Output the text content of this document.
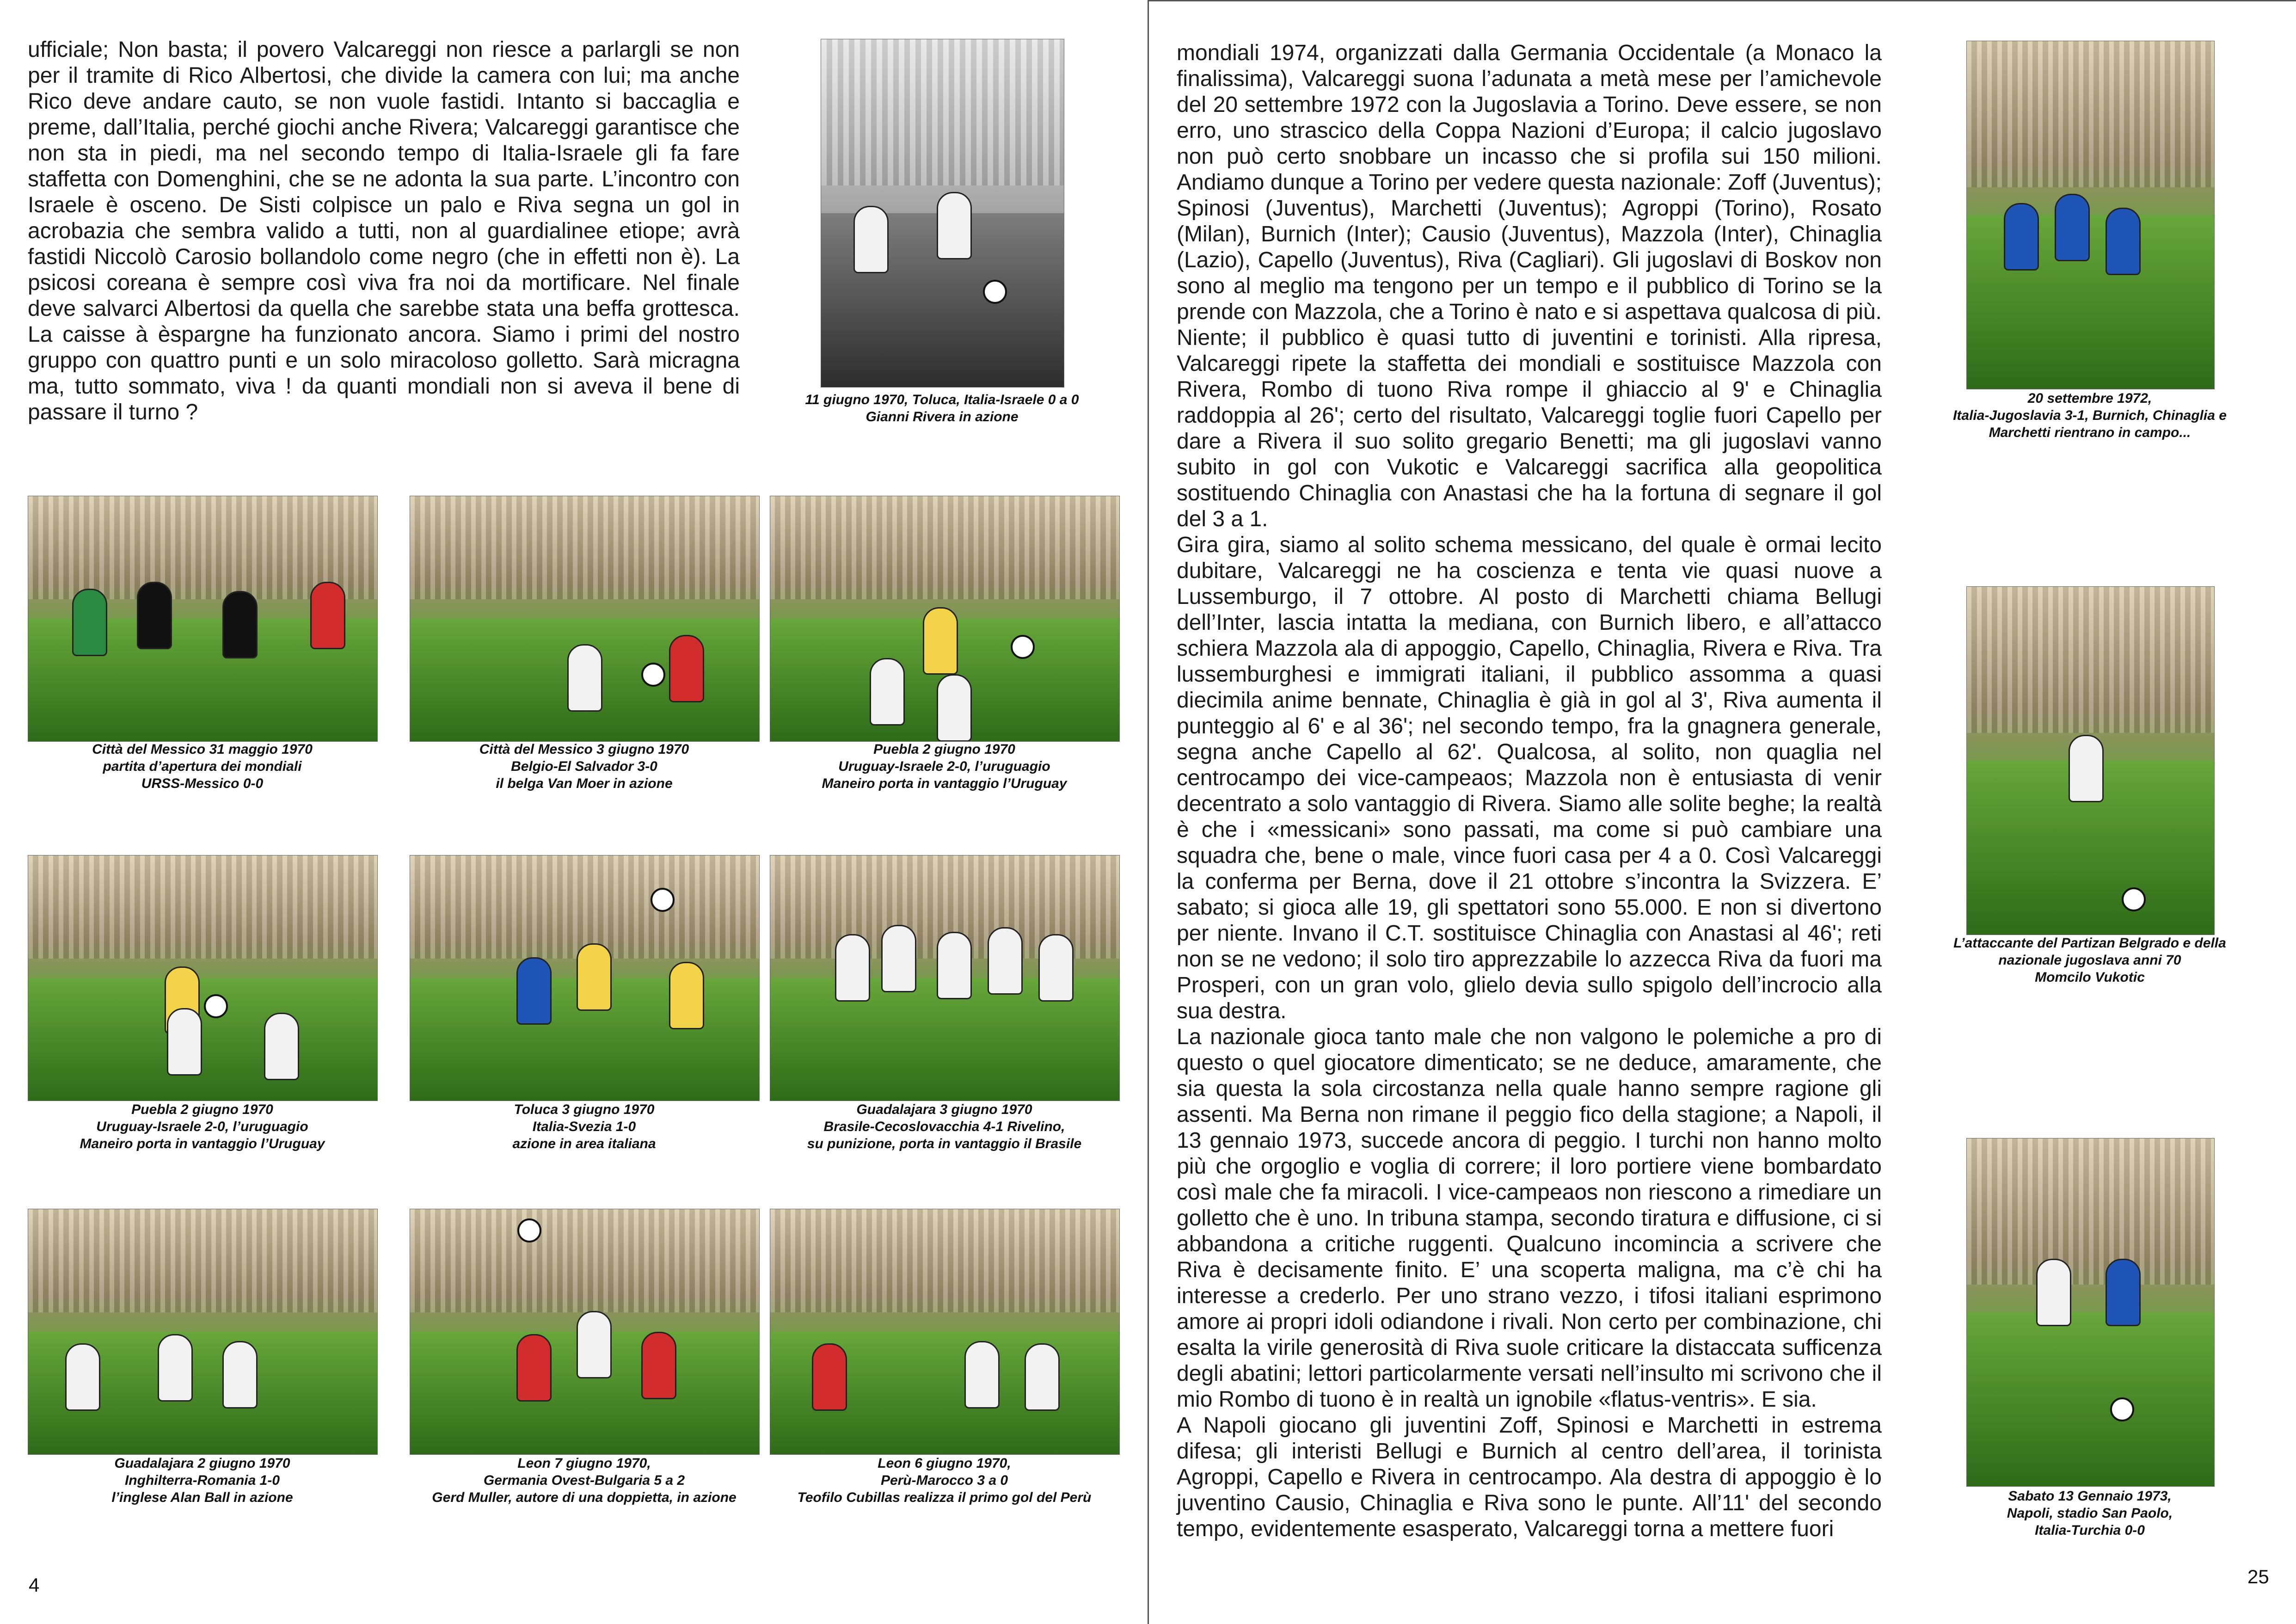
ufficiale; Non basta; il povero Valcareggi non riesce a parlargli se non per il tramite di Rico Albertosi, che divide la camera con lui; ma anche Rico deve andare cauto, se non vuole fastidi. Intanto si baccaglia e preme, dall’Italia, perché giochi anche Rivera; Valcareggi garantisce che non sta in piedi, ma nel secondo tempo di Italia-Israele gli fa fare staffetta con Domenghini, che se ne adonta la sua parte. L’incontro con Israele è osceno. De Sisti colpisce un palo e Riva segna un gol in acrobazia che sembra valido a tutti, non al guardialinee etiope; avrà fastidi Niccolò Carosio bollandolo come negro (che in effetti non è). La psicosi coreana è sempre così viva fra noi da mortificare. Nel finale deve salvarci Albertosi da quella che sarebbe stata una beffa grottesca. La caisse à èspargne ha funzionato ancora. Siamo i primi del nostro gruppo con quattro punti e un solo miracoloso golletto. Sarà micragna ma, tutto sommato, viva ! da quanti mondiali non si aveva il bene di passare il turno ?

11 giugno 1970, Toluca, Italia-Israele 0 a 0
Gianni Rivera in azione
Città del Messico 31 maggio 1970
partita d’apertura dei mondiali
URSS-Messico 0-0
Città del Messico 3 giugno 1970
Belgio-El Salvador 3-0
il belga Van Moer in azione
Puebla 2 giugno 1970
Uruguay-Israele 2-0, l’uruguagio
Maneiro porta in vantaggio l’Uruguay
Puebla 2 giugno 1970
Uruguay-Israele 2-0, l’uruguagio
Maneiro porta in vantaggio l’Uruguay
Toluca 3 giugno 1970
Italia-Svezia 1-0
azione in area italiana
Guadalajara 3 giugno 1970
Brasile-Cecoslovacchia 4-1 Rivelino,
su punizione, porta in vantaggio il Brasile
Guadalajara 2 giugno 1970
Inghilterra-Romania 1-0
l’inglese Alan Ball in azione
Leon 7 giugno 1970,
Germania Ovest-Bulgaria 5 a 2
Gerd Muller, autore di una doppietta, in azione
Leon 6 giugno 1970,
Perù-Marocco 3 a 0
Teofilo Cubillas realizza il primo gol del Perù
4

mondiali 1974, organizzati dalla Germania Occidentale (a Monaco la finalissima), Valcareggi suona l’adunata a metà mese per l’amichevole del 20 settembre 1972 con la Jugoslavia a Torino. Deve essere, se non erro, uno strascico della Coppa Nazioni d’Europa; il calcio jugoslavo non può certo snobbare un incasso che si profila sui 150 milioni. Andiamo dunque a Torino per vedere questa nazionale: Zoff (Juventus); Spinosi (Juventus), Marchetti (Juventus); Agroppi (Torino), Rosato (Milan), Burnich (Inter); Causio (Juventus), Mazzola (Inter), Chinaglia (Lazio), Capello (Juventus), Riva (Cagliari). Gli jugoslavi di Boskov non sono al meglio ma tengono per un tempo e il pubblico di Torino se la prende con Mazzola, che a Torino è nato e si aspettava qualcosa di più. Niente; il pubblico è quasi tutto di juventini e torinisti. Alla ripresa, Valcareggi ripete la staffetta dei mondiali e sostituisce Mazzola con Rivera, Rombo di tuono Riva rompe il ghiaccio al 9' e Chinaglia raddoppia al 26'; certo del risultato, Valcareggi toglie fuori Capello per dare a Rivera il suo solito gregario Benetti; ma gli jugoslavi vanno subito in gol con Vukotic e Valcareggi sacrifica alla geopolitica sostituendo Chinaglia con Anastasi che ha la fortuna di segnare il gol del 3 a 1.

Gira gira, siamo al solito schema messicano, del quale è ormai lecito dubitare, Valcareggi ne ha coscienza e tenta vie quasi nuove a Lussemburgo, il 7 ottobre. Al posto di Marchetti chiama Bellugi dell’Inter, lascia intatta la mediana, con Burnich libero, e all’attacco schiera Mazzola ala di appoggio, Capello, Chinaglia, Rivera e Riva. Tra lussemburghesi e immigrati italiani, il pubblico assomma a quasi diecimila anime bennate, Chinaglia è già in gol al 3', Riva aumenta il punteggio al 6' e al 36'; nel secondo tempo, fra la gnagnera generale, segna anche Capello al 62'. Qualcosa, al solito, non quaglia nel centrocampo dei vice-campeaos; Mazzola non è entusiasta di venir decentrato a solo vantaggio di Rivera. Siamo alle solite beghe; la realtà è che i «messicani» sono passati, ma come si può cambiare una squadra che, bene o male, vince fuori casa per 4 a 0. Così Valcareggi la conferma per Berna, dove il 21 ottobre s’incontra la Svizzera. E’ sabato; si gioca alle 19, gli spettatori sono 55.000. E non si divertono per niente. Invano il C.T. sostituisce Chinaglia con Anastasi al 46'; reti non se ne vedono; il solo tiro apprezzabile lo azzecca Riva da fuori ma Prosperi, con un gran volo, glielo devia sullo spigolo dell’incrocio alla sua destra.

La nazionale gioca tanto male che non valgono le polemiche a pro di questo o quel giocatore dimenticato; se ne deduce, amaramente, che sia questa la sola circostanza nella quale hanno sempre ragione gli assenti. Ma Berna non rimane il peggio fico della stagione; a Napoli, il 13 gennaio 1973, succede ancora di peggio. I turchi non hanno molto più che orgoglio e voglia di correre; il loro portiere viene bombardato così male che fa miracoli. I vice-campeaos non riescono a rimediare un golletto che è uno. In tribuna stampa, secondo tiratura e diffusione, ci si abbandona a critiche ruggenti. Qualcuno incomincia a scrivere che Riva è decisamente finito. E’ una scoperta maligna, ma c’è chi ha interesse a crederlo. Per uno strano vezzo, i tifosi italiani esprimono amore ai propri idoli odiandone i rivali. Non certo per combinazione, chi esalta la virile generosità di Riva suole criticare la distaccata sufficenza degli abatini; lettori particolarmente versati nell’insulto mi scrivono che il mio Rombo di tuono è in realtà un ignobile «flatus-ventris». E sia.

A Napoli giocano gli juventini Zoff, Spinosi e Marchetti in estrema difesa; gli interisti Bellugi e Burnich al centro dell’area, il torinista Agroppi, Capello e Rivera in centrocampo. Ala destra di appoggio è lo juventino Causio, Chinaglia e Riva sono le punte. All’11' del secondo tempo, evidentemente esasperato, Valcareggi torna a mettere fuori

20 settembre 1972,
Italia-Jugoslavia 3-1, Burnich, Chinaglia e
Marchetti rientrano in campo...
L’attaccante del Partizan Belgrado e della
nazionale jugoslava anni 70
Momcilo Vukotic
Sabato 13 Gennaio 1973,
Napoli, stadio San Paolo,
Italia-Turchia 0-0
25
